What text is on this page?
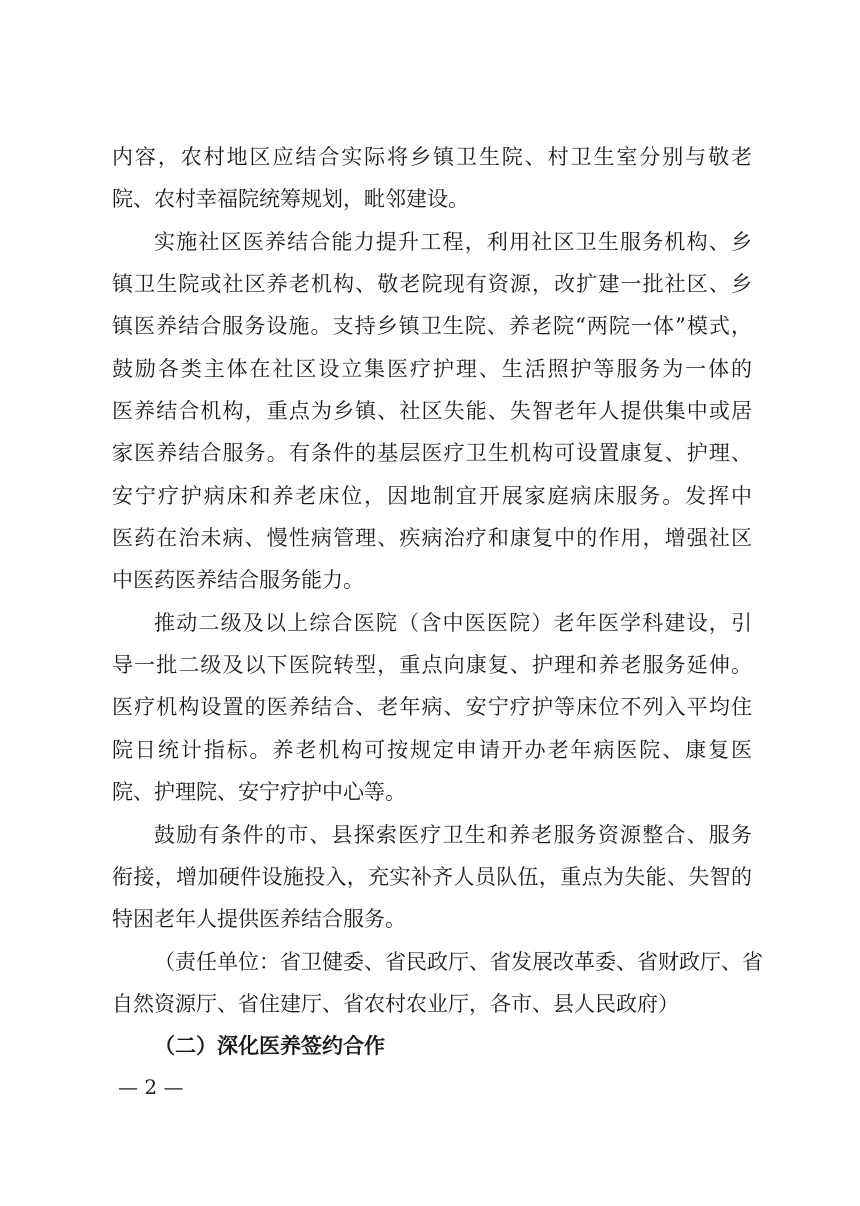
内容，农村地区应结合实际将乡镇卫生院、村卫生室分别与敬老
院、农村幸福院统筹规划，毗邻建设。
实施社区医养结合能力提升工程，利用社区卫生服务机构、乡
镇卫生院或社区养老机构、敬老院现有资源，改扩建一批社区、乡
镇医养结合服务设施。支持乡镇卫生院、养老院“两院一体”模式，
鼓励各类主体在社区设立集医疗护理、生活照护等服务为一体的
医养结合机构，重点为乡镇、社区失能、失智老年人提供集中或居
家医养结合服务。有条件的基层医疗卫生机构可设置康复、护理、
安宁疗护病床和养老床位，因地制宜开展家庭病床服务。发挥中
医药在治未病、慢性病管理、疾病治疗和康复中的作用，增强社区
中医药医养结合服务能力。
推动二级及以上综合医院（含中医医院）老年医学科建设，引
导一批二级及以下医院转型，重点向康复、护理和养老服务延伸。
医疗机构设置的医养结合、老年病、安宁疗护等床位不列入平均住
院日统计指标。养老机构可按规定申请开办老年病医院、康复医
院、护理院、安宁疗护中心等。
鼓励有条件的市、县探索医疗卫生和养老服务资源整合、服务
衔接，增加硬件设施投入，充实补齐人员队伍，重点为失能、失智的
特困老年人提供医养结合服务。
（责任单位：省卫健委、省民政厅、省发展改革委、省财政厅、省
自然资源厅、省住建厅、省农村农业厅，各市、县人民政府）
（二）深化医养签约合作
— 2 —
